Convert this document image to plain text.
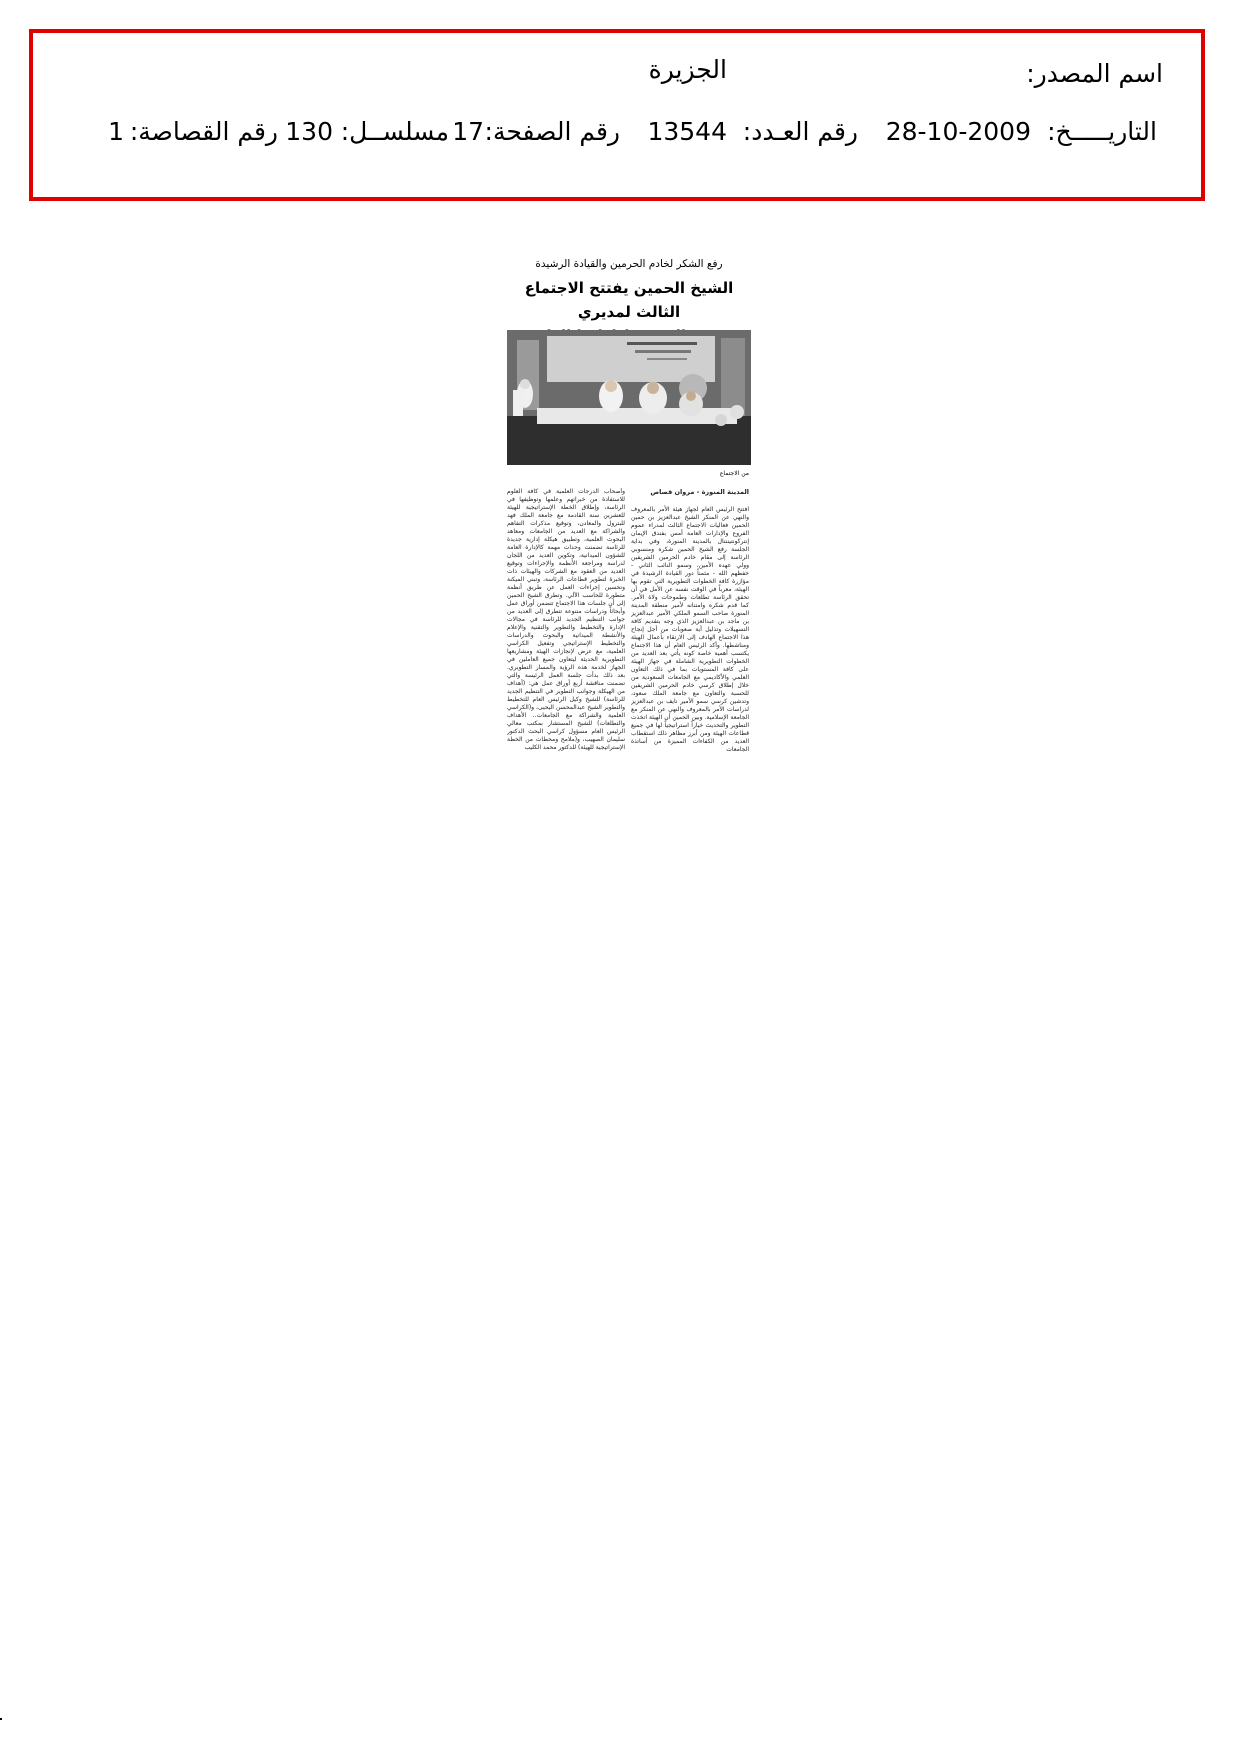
اسم المصدر:
الجزيرة
التاريـــــخ:
28-10-2009
رقم العـدد:
13544
رقم الصفحة:
17
مسلســل:
130
رقم القصاصة:
1
رفع الشكر لخادم الحرمين والقيادة الرشيدة
الشيخ الحمين يفتتح الاجتماع الثالث لمديري
من الاجتماع
المدينة المنورة - مروان قصاص
افتتح الرئيس العام لجهاز هيئة الأمر بالمعروف والنهي عن المنكر الشيخ عبدالعزيز بن حمين الحمين فعاليات الاجتماع الثالث لمدراء عموم الفروع والإدارات العامة أمس بفندق الإيمان إنتركونتيننتال بالمدينة المنورة، وفي بداية الجلسة رفع الشيخ الحمين شكره ومنسوبي الرئاسة إلى مقام خادم الحرمين الشريفين وولي عهده الأمين، وسمو النائب الثاني - حفظهم الله - مثمناً دور القيادة الرشيدة في مؤازرة كافة الخطوات التطويرية التي تقوم بها الهيئة، معرباً في الوقت نفسه عن الأمل في أن تحقق الرئاسة تطلعات وطموحات ولاة الأمر. كما قدم شكره وامتنانه لأمير منطقة المدينة المنورة صاحب السمو الملكي الأمير عبدالعزيز بن ماجد بن عبدالعزيز الذي وجه بتقديم كافة التسهيلات وتذليل أية صعوبات من أجل إنجاح هذا الاجتماع الهادف إلى الارتقاء بأعمال الهيئة ومناشطها. وأكد الرئيس العام أن هذا الاجتماع يكتسب أهمية خاصة كونه يأتي بعد العديد من الخطوات التطويرية الشاملة في جهاز الهيئة على كافة المستويات بما في ذلك التعاون العلمي والأكاديمي مع الجامعات السعودية من خلال إطلاق كرسي خادم الحرمين الشريفين للحسبة والتعاون مع جامعة الملك سعود، وتدشين كرسي سمو الأمير نايف بن عبدالعزيز لدراسات الأمر بالمعروف والنهي عن المنكر مع الجامعة الإسلامية. وبين الحمين أن الهيئة اتخذت التطوير والتحديث خياراً استراتيجياً لها في جميع قطاعات الهيئة ومن أبرز مظاهر ذلك استقطاب العديد من الكفاءات المميزة من أساتذة الجامعات
وأصحاب الدرجات العلمية في كافة العلوم للاستفادة من خبراتهم وعلمها وتوظيفها في الرئاسة، وإطلاق الخطة الإستراتيجية للهيئة للعشرين سنة القادمة مع جامعة الملك فهد للبترول والمعادن، وتوقيع مذكرات التفاهم والشراكة مع العديد من الجامعات ومعاهد البحوث العلمية، وتطبيق هيكلة إدارية جديدة للرئاسة تضمنت وحدات مهمة كالإدارة العامة للشؤون الميدانية، وتكوين العديد من اللجان لدراسة ومراجعة الأنظمة والإجراءات وتوقيع العديد من العقود مع الشركات والهيئات ذات الخبرة لتطوير قطاعات الرئاسة، وتبني الميكنة وتحسين إجراءات العمل عن طريق أنظمة متطورة للحاسب الآلي. وتطرق الشيخ الحمين إلى أن جلسات هذا الاجتماع تتضمن أوراق عمل وأبحاثاً ودراسات متنوعة تتطرق إلى العديد من جوانب التنظيم الجديد للرئاسة في مجالات الإدارة والتخطيط والتطوير والتقنية والإعلام والأنشطة الميدانية والبحوث والدراسات والتخطيط الإستراتيجي وتفعيل الكراسي العلمية، مع عرض لإنجازات الهيئة ومشاريعها التطويرية الحديثة ليتعاون جميع العاملين في الجهاز لخدمة هذه الرؤية والمسار التطويري. بعد ذلك بدأت جلسة العمل الرئيسة والتي تضمنت مناقشة أربع أوراق عمل هي: (أهداف من الهيكلة وجوانب التطوير في التنظيم الجديد للرئاسة) للشيخ وكيل الرئيس العام للتخطيط والتطوير الشيخ عبدالمحسن اليحيى، و(الكراسي العلمية والشراكة مع الجامعات.. الأهداف والتطلعات) للشيخ المستشار بمكتب معالي الرئيس العام مسؤول كراسي البحث الدكتور سليمان الصهيب، و(ملامح ومحطات من الخطة الإستراتيجية للهيئة) للدكتور محمد الكليب
